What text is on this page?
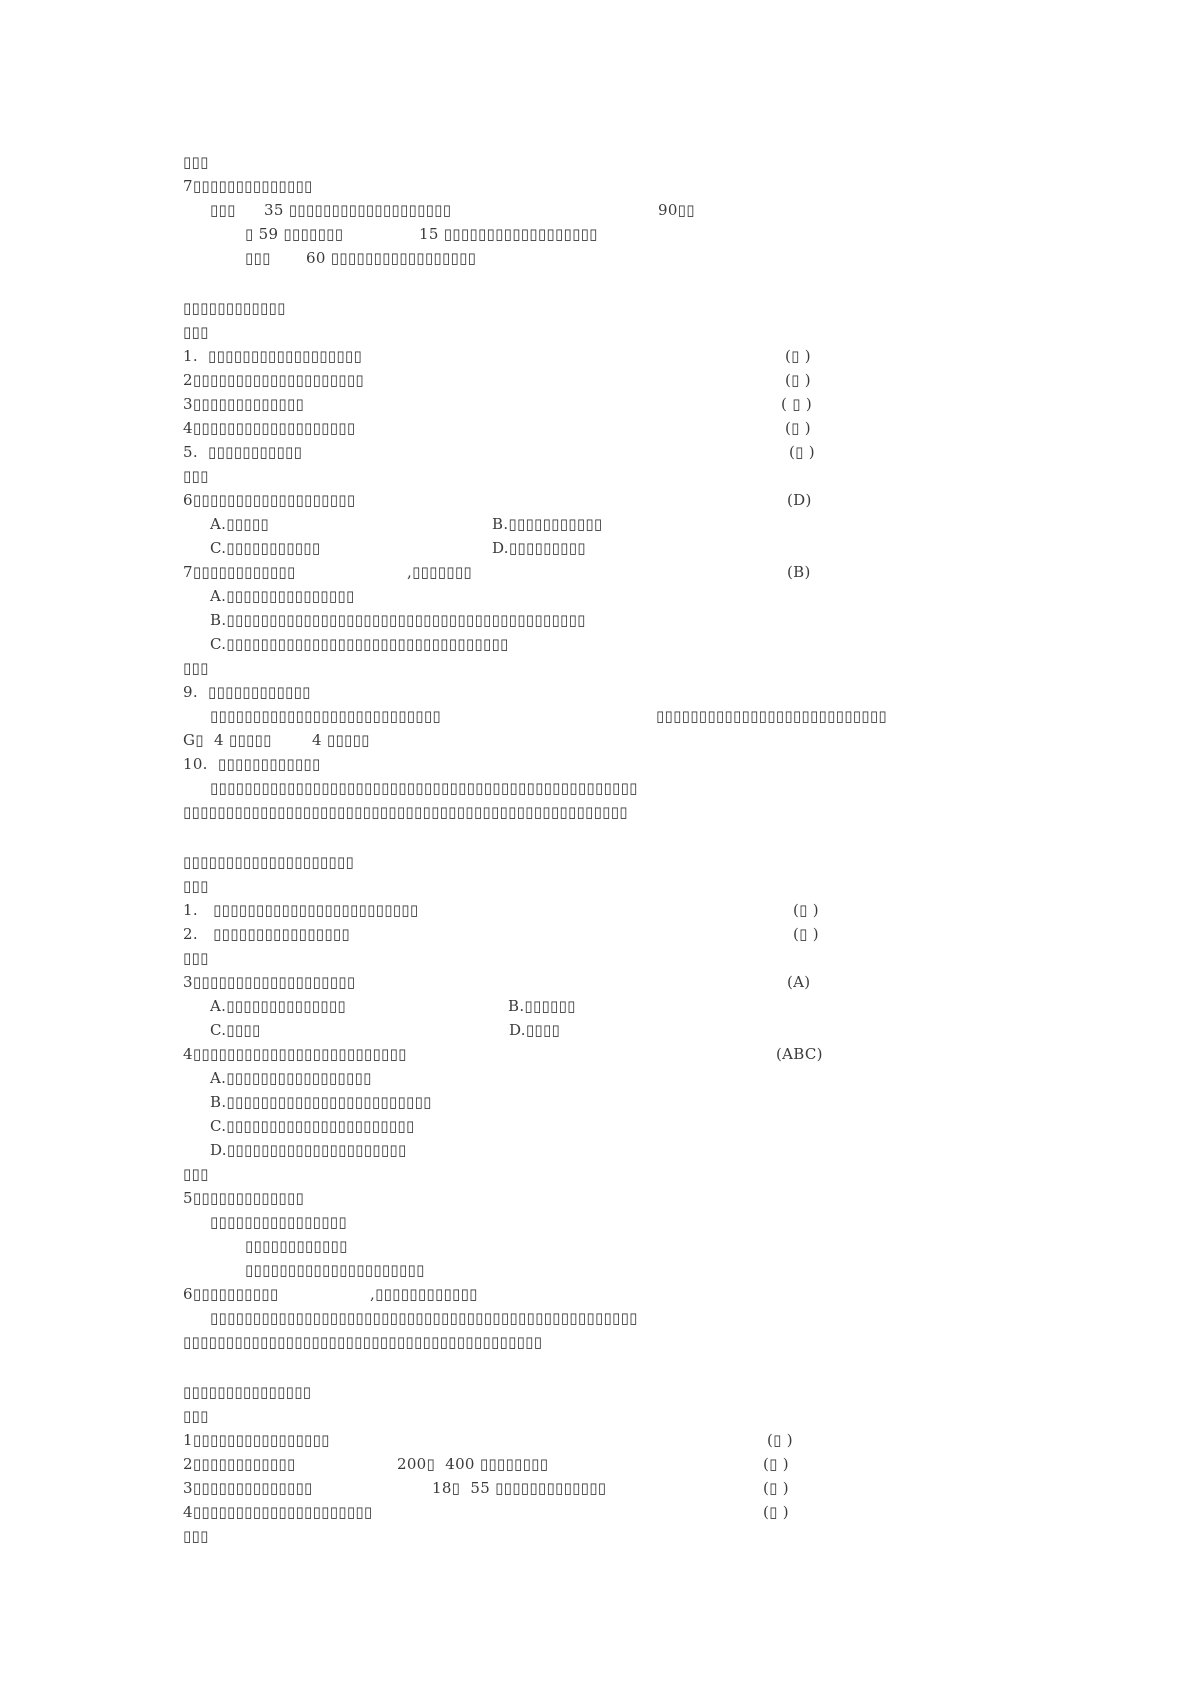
▯▯▯
7▯▯▯▯▯▯▯▯▯▯▯▯▯▯
▯▯▯ 35 ▯▯▯▯▯▯▯▯▯▯▯▯▯▯▯▯▯▯▯	90▯▯
▯ 59 ▯▯▯▯▯▯▯	15 ▯▯▯▯▯▯▯▯▯▯▯▯▯▯▯▯▯▯
▯▯▯ 60 ▯▯▯▯▯▯▯▯▯▯▯▯▯▯▯▯▯
▯▯▯▯▯▯▯▯▯▯▯▯
▯▯▯
1.  ▯▯▯▯▯▯▯▯▯▯▯▯▯▯▯▯▯▯	(▯ )
2▯▯▯▯▯▯▯▯▯▯▯▯▯▯▯▯▯▯▯▯	(▯ )
3▯▯▯▯▯▯▯▯▯▯▯▯▯	( ▯ )
4▯▯▯▯▯▯▯▯▯▯▯▯▯▯▯▯▯▯▯	(▯ )
5.  ▯▯▯▯▯▯▯▯▯▯▯	(▯ )
▯▯▯
6▯▯▯▯▯▯▯▯▯▯▯▯▯▯▯▯▯▯▯	(D)
A.▯▯▯▯▯	B.▯▯▯▯▯▯▯▯▯▯▯
C.▯▯▯▯▯▯▯▯▯▯▯	D.▯▯▯▯▯▯▯▯▯
7▯▯▯▯▯▯▯▯▯▯▯▯	,▯▯▯▯▯▯▯	(B)
A.▯▯▯▯▯▯▯▯▯▯▯▯▯▯▯
B.▯▯▯▯▯▯▯▯▯▯▯▯▯▯▯▯▯▯▯▯▯▯▯▯▯▯▯▯▯▯▯▯▯▯▯▯▯▯▯▯▯▯
C.▯▯▯▯▯▯▯▯▯▯▯▯▯▯▯▯▯▯▯▯▯▯▯▯▯▯▯▯▯▯▯▯▯
▯▯▯
9.  ▯▯▯▯▯▯▯▯▯▯▯▯
▯▯▯▯▯▯▯▯▯▯▯▯▯▯▯▯▯▯▯▯▯▯▯▯▯▯▯	▯▯▯▯▯▯▯▯▯▯▯▯▯▯▯▯▯▯▯▯▯▯▯▯▯▯▯
G▯  4 ▯▯▯▯▯	4 ▯▯▯▯▯
10.  ▯▯▯▯▯▯▯▯▯▯▯▯
▯▯▯▯▯▯▯▯▯▯▯▯▯▯▯▯▯▯▯▯▯▯▯▯▯▯▯▯▯▯▯▯▯▯▯▯▯▯▯▯▯▯▯▯▯▯▯▯▯▯
▯▯▯▯▯▯▯▯▯▯▯▯▯▯▯▯▯▯▯▯▯▯▯▯▯▯▯▯▯▯▯▯▯▯▯▯▯▯▯▯▯▯▯▯▯▯▯▯▯▯▯▯
▯▯▯▯▯▯▯▯▯▯▯▯▯▯▯▯▯▯▯▯
▯▯▯
1.   ▯▯▯▯▯▯▯▯▯▯▯▯▯▯▯▯▯▯▯▯▯▯▯▯	(▯ )
2.   ▯▯▯▯▯▯▯▯▯▯▯▯▯▯▯▯	(▯ )
▯▯▯
3▯▯▯▯▯▯▯▯▯▯▯▯▯▯▯▯▯▯▯	(A)
A.▯▯▯▯▯▯▯▯▯▯▯▯▯▯	B.▯▯▯▯▯▯
C.▯▯▯▯	D.▯▯▯▯
4▯▯▯▯▯▯▯▯▯▯▯▯▯▯▯▯▯▯▯▯▯▯▯▯▯	(ABC)
A.▯▯▯▯▯▯▯▯▯▯▯▯▯▯▯▯▯
B.▯▯▯▯▯▯▯▯▯▯▯▯▯▯▯▯▯▯▯▯▯▯▯▯
C.▯▯▯▯▯▯▯▯▯▯▯▯▯▯▯▯▯▯▯▯▯▯
D.▯▯▯▯▯▯▯▯▯▯▯▯▯▯▯▯▯▯▯▯▯
▯▯▯
5▯▯▯▯▯▯▯▯▯▯▯▯▯
▯▯▯▯▯▯▯▯▯▯▯▯▯▯▯▯
▯▯▯▯▯▯▯▯▯▯▯▯
▯▯▯▯▯▯▯▯▯▯▯▯▯▯▯▯▯▯▯▯▯
6▯▯▯▯▯▯▯▯▯▯	,▯▯▯▯▯▯▯▯▯▯▯▯
▯▯▯▯▯▯▯▯▯▯▯▯▯▯▯▯▯▯▯▯▯▯▯▯▯▯▯▯▯▯▯▯▯▯▯▯▯▯▯▯▯▯▯▯▯▯▯▯▯▯
▯▯▯▯▯▯▯▯▯▯▯▯▯▯▯▯▯▯▯▯▯▯▯▯▯▯▯▯▯▯▯▯▯▯▯▯▯▯▯▯▯▯
▯▯▯▯▯▯▯▯▯▯▯▯▯▯▯
▯▯▯
1▯▯▯▯▯▯▯▯▯▯▯▯▯▯▯▯	(▯ )
2▯▯▯▯▯▯▯▯▯▯▯▯	200▯  400 ▯▯▯▯▯▯▯▯	(▯ )
3▯▯▯▯▯▯▯▯▯▯▯▯▯▯	18▯  55 ▯▯▯▯▯▯▯▯▯▯▯▯▯	(▯ )
4▯▯▯▯▯▯▯▯▯▯▯▯▯▯▯▯▯▯▯▯▯	(▯ )
▯▯▯
